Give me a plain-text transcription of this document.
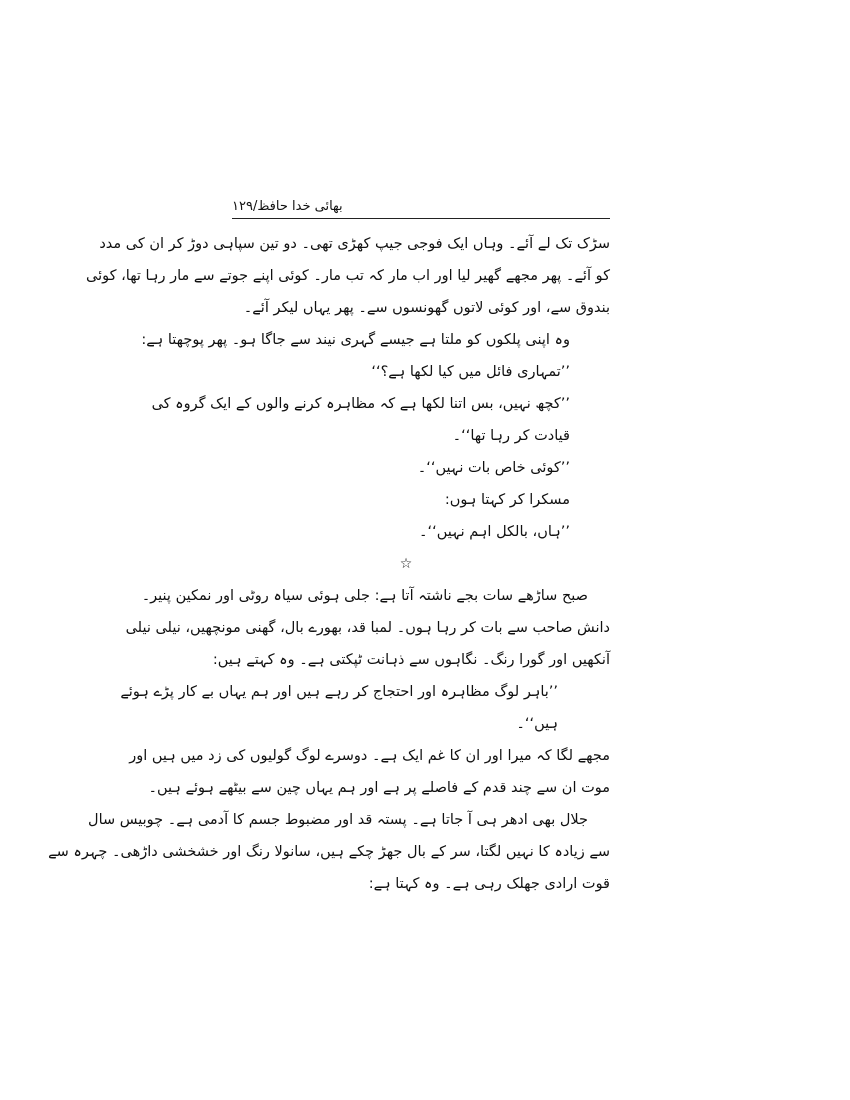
بھائی خدا حافظ/۱۲۹
سڑک تک لے آئے۔ وہاں ایک فوجی جیپ کھڑی تھی۔ دو تین سپاہی دوڑ کر ان کی مدد
کو آئے۔ پھر مجھے گھیر لیا اور اب مار کہ تب مار۔ کوئی اپنے جوتے سے مار رہا تھا، کوئی
بندوق سے، اور کوئی لاتوں گھونسوں سے۔ پھر یہاں لیکر آئے۔
وہ اپنی پلکوں کو ملتا ہے جیسے گہری نیند سے جاگا ہو۔ پھر پوچھتا ہے:
’’تمہاری فائل میں کیا لکھا ہے؟‘‘
’’کچھ نہیں، بس اتنا لکھا ہے کہ مظاہرہ کرنے والوں کے ایک گروہ کی
قیادت کر رہا تھا‘‘۔
’’کوئی خاص بات نہیں‘‘۔
مسکرا کر کہتا ہوں:
’’ہاں، بالکل اہم نہیں‘‘۔
☆
صبح ساڑھے سات بجے ناشتہ آتا ہے: جلی ہوئی سیاہ روٹی اور نمکین پنیر۔
دانش صاحب سے بات کر رہا ہوں۔ لمبا قد، بھورے بال، گھنی مونچھیں، نیلی نیلی
آنکھیں اور گورا رنگ۔ نگاہوں سے ذہانت ٹپکتی ہے۔ وہ کہتے ہیں:
’’باہر لوگ مظاہرہ اور احتجاج کر رہے ہیں اور ہم یہاں بے کار پڑے ہوئے
ہیں‘‘۔
مجھے لگا کہ میرا اور ان کا غم ایک ہے۔ دوسرے لوگ گولیوں کی زد میں ہیں اور
موت ان سے چند قدم کے فاصلے پر ہے اور ہم یہاں چین سے بیٹھے ہوئے ہیں۔
جلال بھی ادھر ہی آ جاتا ہے۔ پستہ قد اور مضبوط جسم کا آدمی ہے۔ چوبیس سال
سے زیادہ کا نہیں لگتا، سر کے بال جھڑ چکے ہیں، سانولا رنگ اور خشخشی داڑھی۔ چہرہ سے
قوت ارادی جھلک رہی ہے۔ وہ کہتا ہے:
